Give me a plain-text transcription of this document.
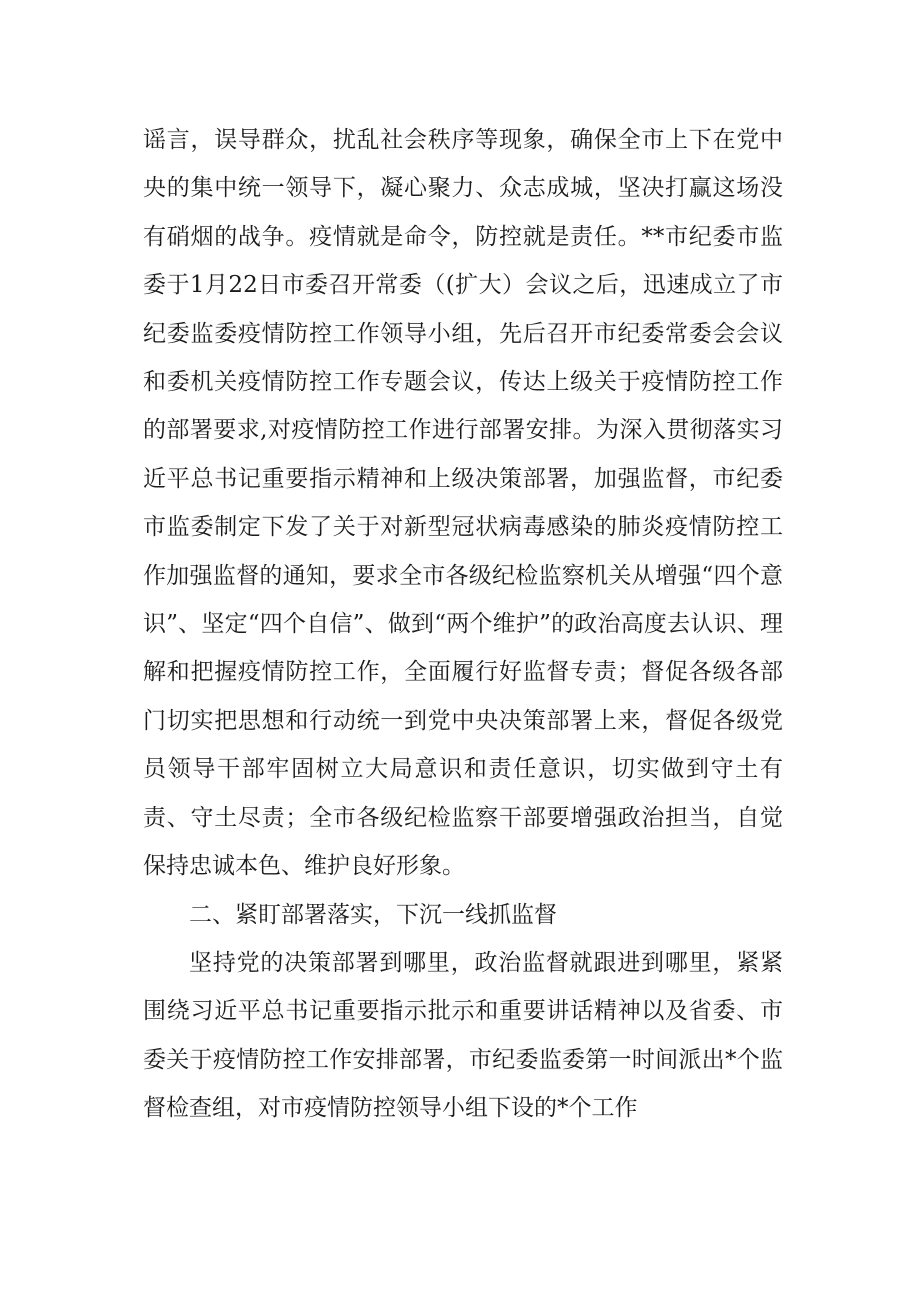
谣言，误导群众，扰乱社会秩序等现象，确保全市上下在党中央的集中统一领导下，凝心聚力、众志成城，坚决打赢这场没有硝烟的战争。疫情就是命令，防控就是责任。**市纪委市监委于1月22日市委召开常委（(扩大）会议之后，迅速成立了市纪委监委疫情防控工作领导小组，先后召开市纪委常委会会议和委机关疫情防控工作专题会议，传达上级关于疫情防控工作的部署要求,对疫情防控工作进行部署安排。为深入贯彻落实习近平总书记重要指示精神和上级决策部署，加强监督，市纪委市监委制定下发了关于对新型冠状病毒感染的肺炎疫情防控工作加强监督的通知，要求全市各级纪检监察机关从增强“四个意识”、坚定“四个自信”、做到“两个维护”的政治高度去认识、理解和把握疫情防控工作，全面履行好监督专责；督促各级各部门切实把思想和行动统一到党中央决策部署上来，督促各级党员领导干部牢固树立大局意识和责任意识，切实做到守土有责、守土尽责；全市各级纪检监察干部要增强政治担当，自觉保持忠诚本色、维护良好形象。

二、紧盯部署落实，下沉一线抓监督

坚持党的决策部署到哪里，政治监督就跟进到哪里，紧紧围绕习近平总书记重要指示批示和重要讲话精神以及省委、市委关于疫情防控工作安排部署，市纪委监委第一时间派出*个监督检查组，对市疫情防控领导小组下设的*个工作
